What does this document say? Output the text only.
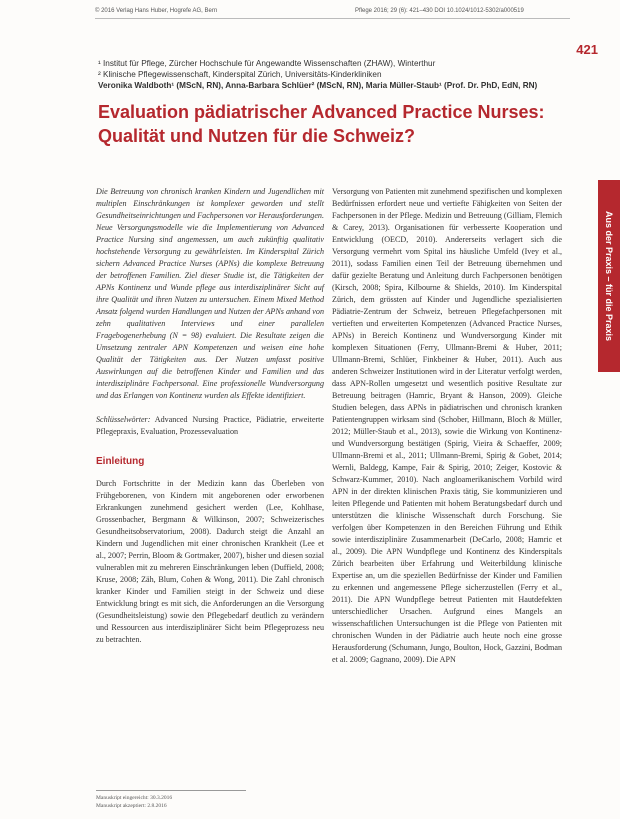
© 2016 Verlag Hans Huber, Hogrefe AG, Bern	Pflege 2016; 29 (6): 421–430 DOI 10.1024/1012-5302/a000519
421
¹ Institut für Pflege, Zürcher Hochschule für Angewandte Wissenschaften (ZHAW), Winterthur
² Klinische Pflegewissenschaft, Kinderspital Zürich, Universitäts-Kinderkliniken
Veronika Waldboth¹ (MScN, RN), Anna-Barbara Schlüer² (MScN, RN), Maria Müller-Staub¹ (Prof. Dr. PhD, EdN, RN)
Evaluation pädiatrischer Advanced Practice Nurses:
Qualität und Nutzen für die Schweiz?
Die Betreuung von chronisch kranken Kindern und Jugendlichen mit multiplen Einschränkungen ist komplexer geworden und stellt Gesundheitseinrichtungen und Fachpersonen vor Herausforderungen. Neue Versorgungsmodelle wie die Implementierung von Advanced Practice Nursing sind angemessen, um auch zukünftig qualitativ hochstehende Versorgung zu gewährleisten. Im Kinderspital Zürich sichern Advanced Practice Nurses (APNs) die komplexe Betreuung der betroffenen Familien. Ziel dieser Studie ist, die Tätigkeiten der APNs Kontinenz und Wunde pflege aus interdisziplinärer Sicht auf ihre Qualität und ihren Nutzen zu untersuchen. Einem Mixed Method Ansatz folgend wurden Handlungen und Nutzen der APNs anhand von zehn qualitativen Interviews und einer parallelen Fragebogenerhebung (N = 98) evaluiert. Die Resultate zeigen die Umsetzung zentraler APN Kompetenzen und weisen eine hohe Qualität der Tätigkeiten aus. Der Nutzen umfasst positive Auswirkungen auf die betroffenen Kinder und Familien und das interdisziplinäre Fachpersonal. Eine professionelle Wundversorgung und das Erlangen von Kontinenz wurden als Effekte identifiziert.
Schlüsselwörter: Advanced Nursing Practice, Pädiatrie, erweiterte Pflegepraxis, Evaluation, Prozessevaluation
Einleitung
Durch Fortschritte in der Medizin kann das Überleben von Frühgeborenen, von Kindern mit angeborenen oder erworbenen Erkrankungen zunehmend gesichert werden (Lee, Kohlhase, Grossenbacher, Bergmann & Wilkinson, 2007; Schweizerisches Gesundheitsobservatorium, 2008). Dadurch steigt die Anzahl an Kindern und Jugendlichen mit einer chronischen Krankheit (Lee et al., 2007; Perrin, Bloom & Gortmaker, 2007), bisher und diesen sozial vulnerablen mit zu mehreren Einschränkungen leben (Duffield, 2008; Kruse, 2008; Zäh, Blum, Cohen & Wong, 2011). Die Zahl chronisch kranker Kinder und Familien steigt in der Schweiz und diese Entwicklung bringt es mit sich, die Anforderungen an die Versorgung (Gesundheitsleistung) sowie den Pflegebedarf deutlich zu verändern und Ressourcen aus interdisziplinärer Sicht beim Pflegeprozess neu zu betrachten.
Manuskript eingereicht: 30.3.2016
Manuskript akzeptiert: 2.8.2016
Versorgung von Patienten mit zunehmend spezifischen und komplexen Bedürfnissen erfordert neue und vertiefte Fähigkeiten von Seiten der Fachpersonen in der Pflege. Medizin und Betreuung (Gilliam, Flemich & Carey, 2013). Organisationen für verbesserte Kooperation und Entwicklung (OECD, 2010). Andererseits verlagert sich die Versorgung vermehrt vom Spital ins häusliche Umfeld (Ivey et al., 2011), sodass Familien einen Teil der Betreuung übernehmen und dafür gezielte Beratung und Anleitung durch Fachpersonen benötigen (Kirsch, 2008; Spira, Kilbourne & Shields, 2010). Im Kinderspital Zürich, dem grössten auf Kinder und Jugendliche spezialisierten Pädiatrie-Zentrum der Schweiz, betreuen Pflegefachpersonen mit vertieften und erweiterten Kompetenzen (Advanced Practice Nurses, APNs) in Bereich Kontinenz und Wundversorgung Kinder mit komplexen Situationen (Ferry, Ullmann-Bremi & Huber, 2011; Ullmann-Bremi, Schlüer, Finkbeiner & Huber, 2011). Auch aus anderen Schweizer Institutionen wird in der Literatur verfolgt werden, dass APN-Rollen umgesetzt und wesentlich positive Resultate zur Betreuung beitragen (Hamric, Bryant & Hanson, 2009). Gleiche Studien belegen, dass APNs in pädiatrischen und chronisch kranken Patientengruppen wirksam sind (Schober, Hillmann, Bloch & Müller, 2012; Müller-Staub et al., 2013), sowie die Wirkung von Kontinenz- und Wundversorgung bestätigen (Spirig, Vieira & Schaeffer, 2009; Ullmann-Bremi et al., 2011; Ullmann-Bremi, Spirig & Gobet, 2014; Wernli, Baldegg, Kampe, Fair & Spirig, 2010; Zeiger, Kostovic & Schwarz-Kummer, 2010). Nach angloamerikanischem Vorbild wird APN in der direkten klinischen Praxis tätig, Sie kommunizieren und leiten Pflegende und Patienten mit hohem Beratungsbedarf durch und unterstützen die klinische Wissenschaft durch Forschung. Sie verfolgen über Kompetenzen in den Bereichen Führung und Ethik sowie interdisziplinäre Zusammenarbeit (DeCarlo, 2008; Hamric et al., 2009). Die APN Wundpflege und Kontinenz des Kinderspitals Zürich bearbeiten über Erfahrung und Weiterbildung klinische Expertise an, um die speziellen Bedürfnisse der Kinder und Familien zu erkennen und angemessene Pflege sicherzustellen (Ferry et al., 2011). Die APN Wundpflege betreut Patienten mit Hautdefekten unterschiedlicher Ursachen. Aufgrund eines Mangels an wissenschaftlichen Untersuchungen ist die Pflege von Patienten mit chronischen Wunden in der Pädiatrie auch heute noch eine grosse Herausforderung (Schumann, Jungo, Boulton, Hock, Gazzini, Bodman et al. 2009; Gagnano, 2009). Die APN
Aus der Praxis – für die Praxis
